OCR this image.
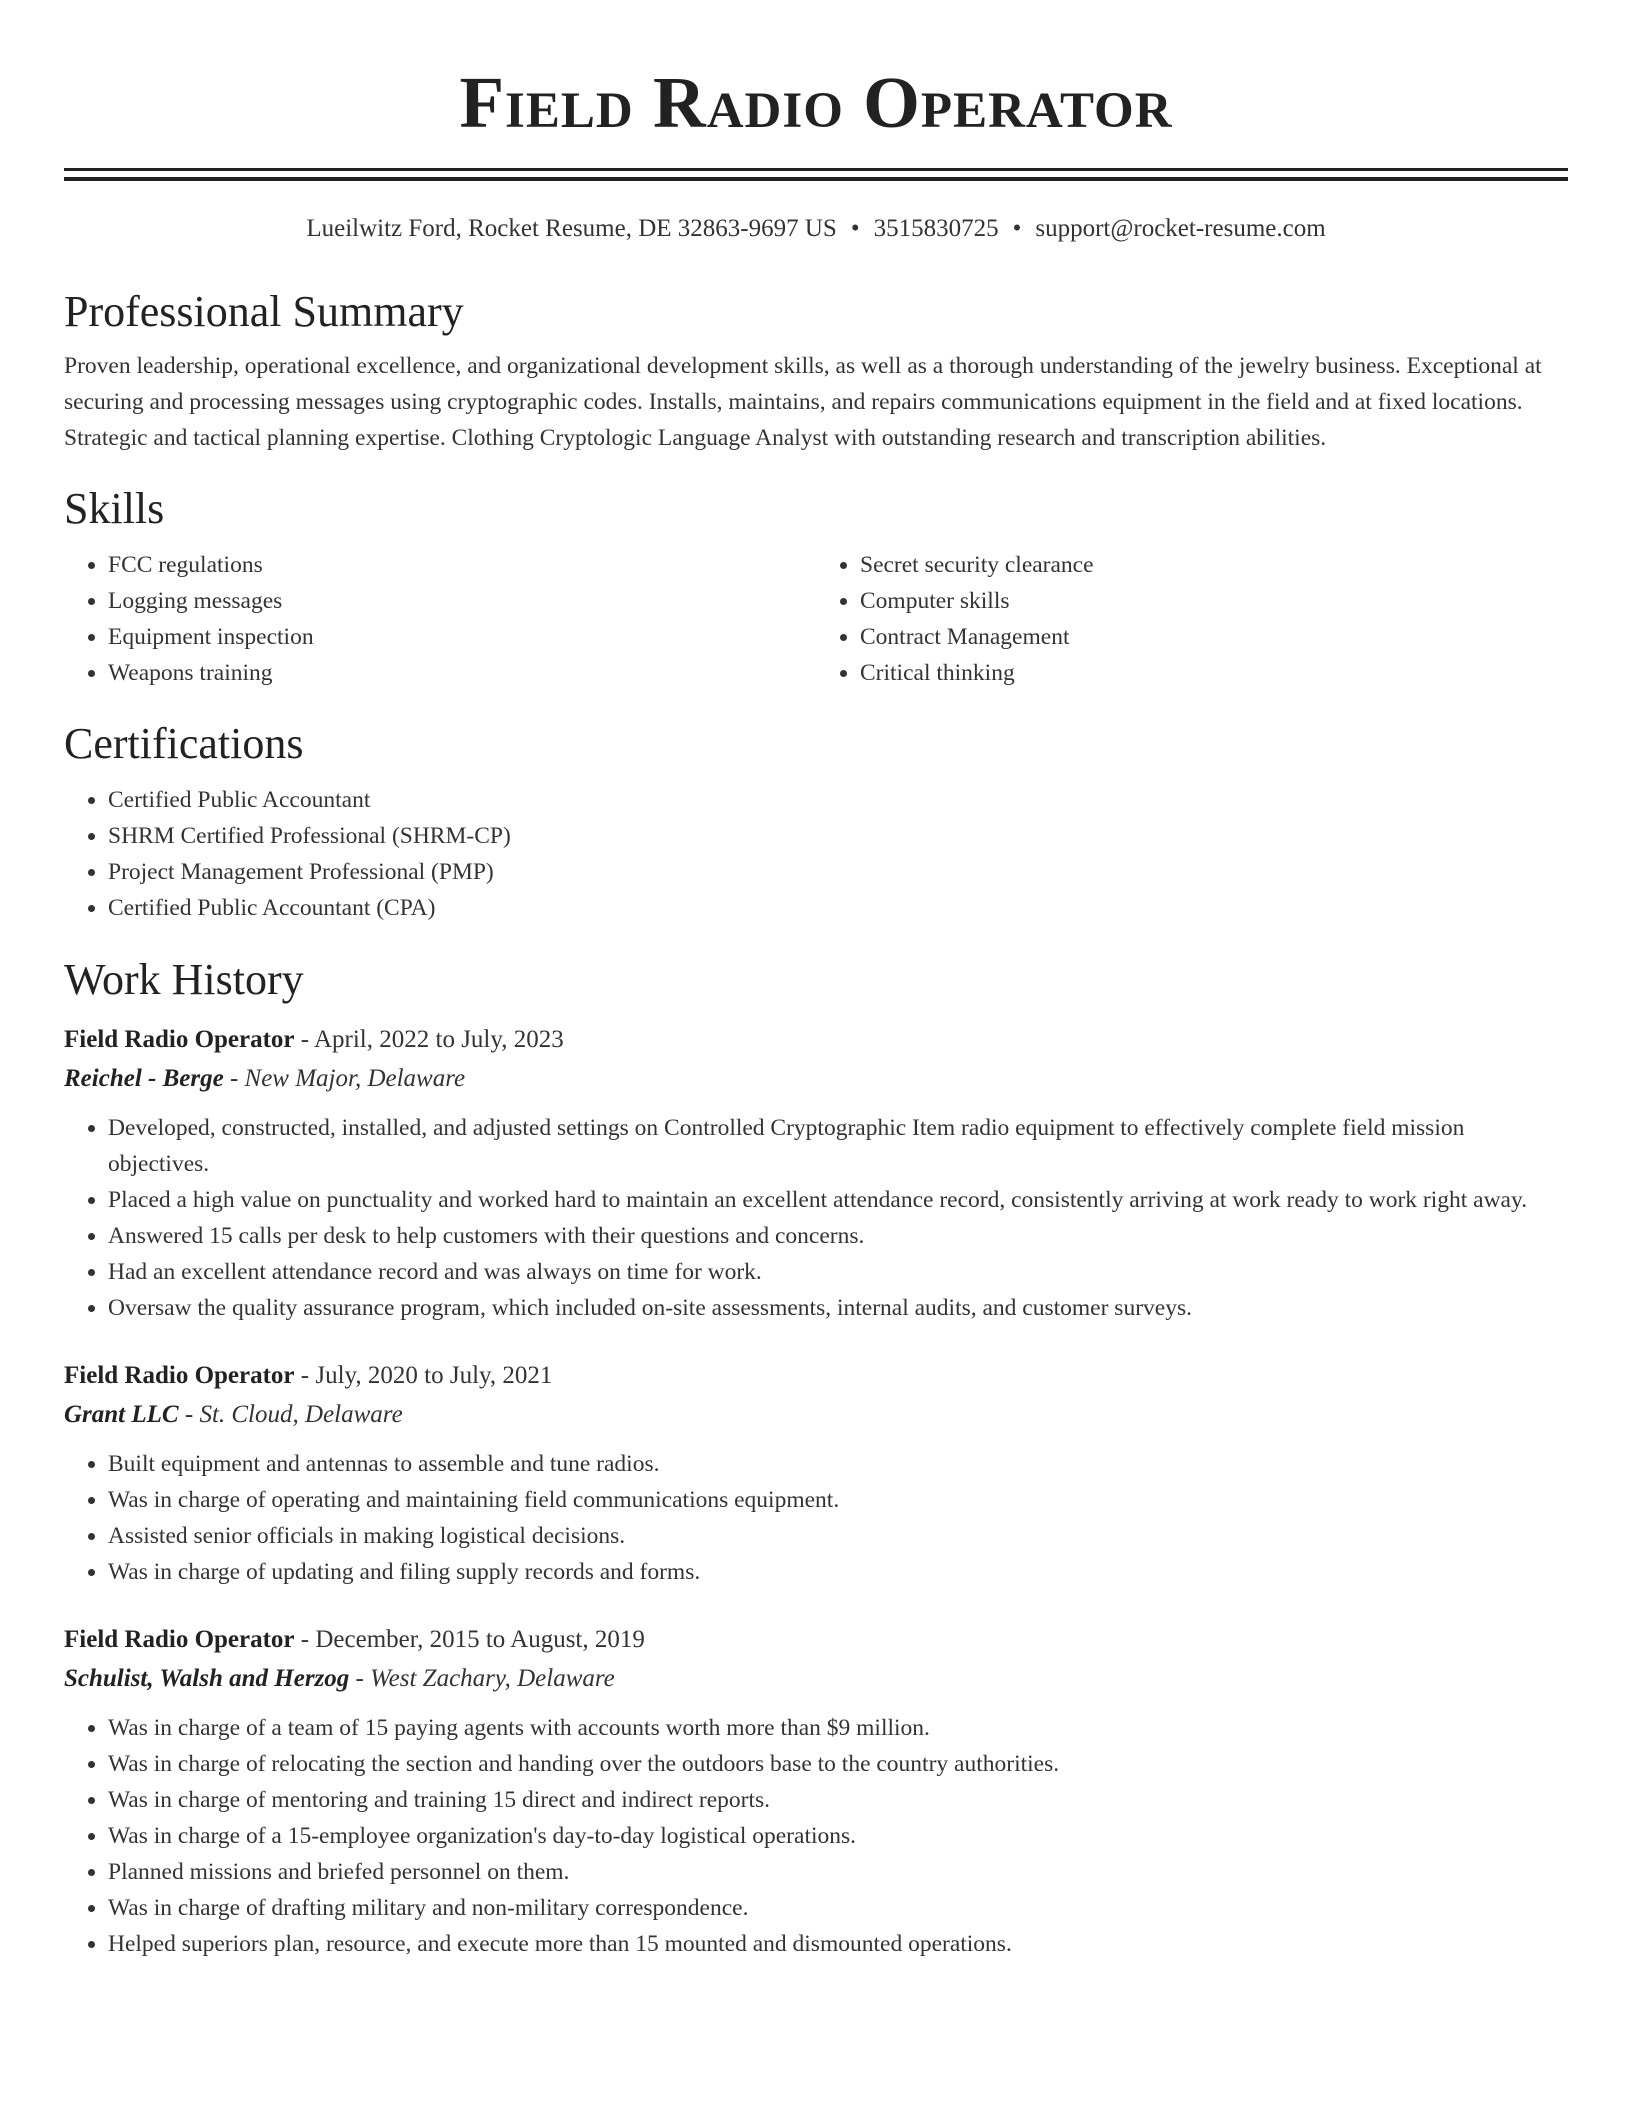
Field Radio Operator
Lueilwitz Ford, Rocket Resume, DE 32863-9697 US • 3515830725 • support@rocket-resume.com
Professional Summary

Proven leadership, operational excellence, and organizational development skills, as well as a thorough understanding of the jewelry business. Exceptional at securing and processing messages using cryptographic codes. Installs, maintains, and repairs communications equipment in the field and at fixed locations. Strategic and tactical planning expertise. Clothing Cryptologic Language Analyst with outstanding research and transcription abilities.

Skills
• FCC regulations
• Logging messages
• Equipment inspection
• Weapons training
• Secret security clearance
• Computer skills
• Contract Management
• Critical thinking
Certifications
• Certified Public Accountant
• SHRM Certified Professional (SHRM-CP)
• Project Management Professional (PMP)
• Certified Public Accountant (CPA)
Work History
Field Radio Operator - April, 2022 to July, 2023
Reichel - Berge - New Major, Delaware
• Developed, constructed, installed, and adjusted settings on Controlled Cryptographic Item radio equipment to effectively complete field mission objectives.
• Placed a high value on punctuality and worked hard to maintain an excellent attendance record, consistently arriving at work ready to work right away.
• Answered 15 calls per desk to help customers with their questions and concerns.
• Had an excellent attendance record and was always on time for work.
• Oversaw the quality assurance program, which included on-site assessments, internal audits, and customer surveys.
Field Radio Operator - July, 2020 to July, 2021
Grant LLC - St. Cloud, Delaware
• Built equipment and antennas to assemble and tune radios.
• Was in charge of operating and maintaining field communications equipment.
• Assisted senior officials in making logistical decisions.
• Was in charge of updating and filing supply records and forms.
Field Radio Operator - December, 2015 to August, 2019
Schulist, Walsh and Herzog - West Zachary, Delaware
• Was in charge of a team of 15 paying agents with accounts worth more than $9 million.
• Was in charge of relocating the section and handing over the outdoors base to the country authorities.
• Was in charge of mentoring and training 15 direct and indirect reports.
• Was in charge of a 15-employee organization's day-to-day logistical operations.
• Planned missions and briefed personnel on them.
• Was in charge of drafting military and non-military correspondence.
• Helped superiors plan, resource, and execute more than 15 mounted and dismounted operations.
